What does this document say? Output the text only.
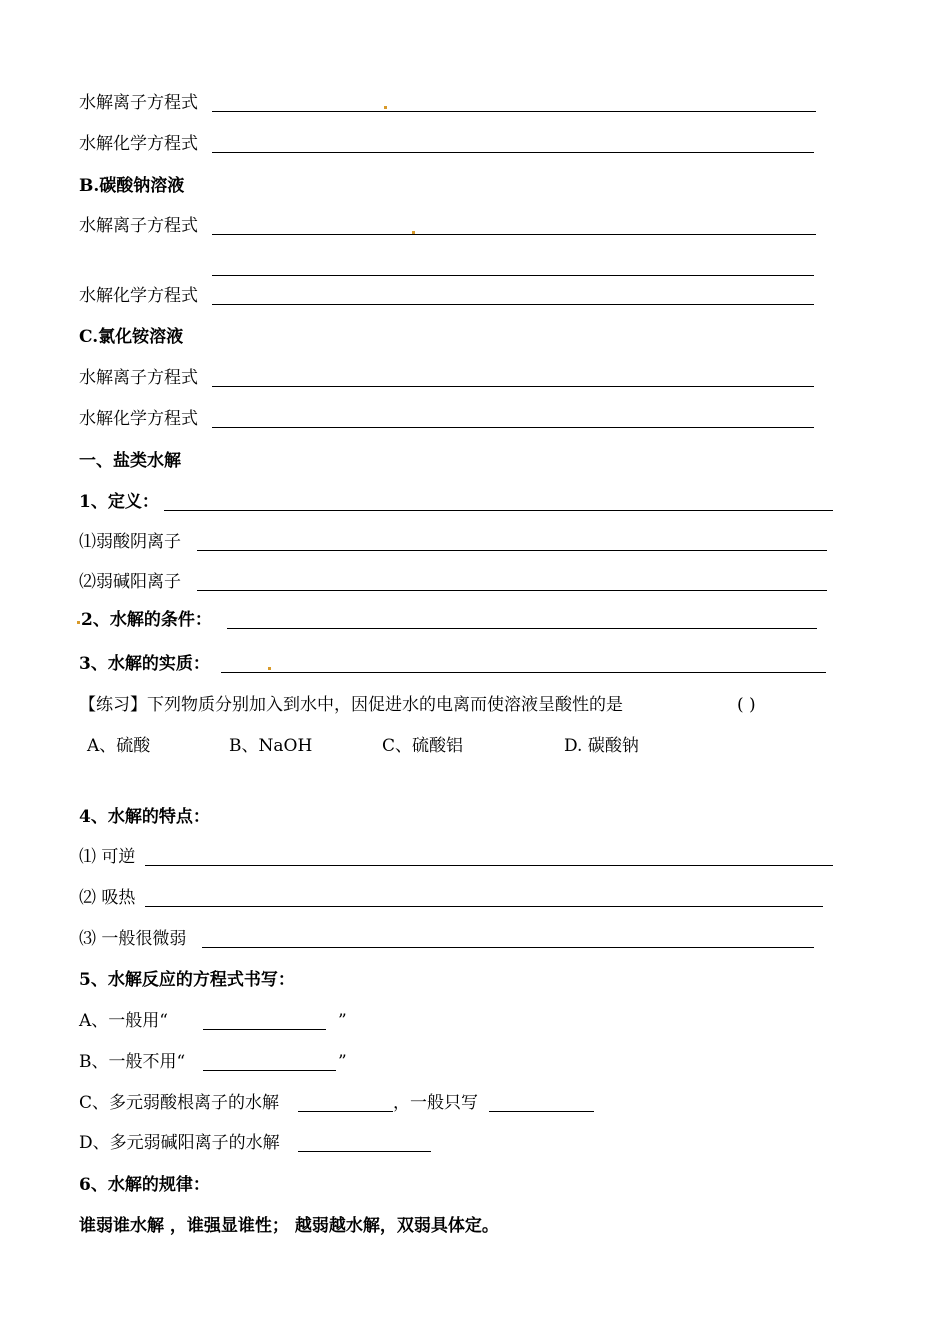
水解离子方程式
水解化学方程式
B.碳酸钠溶液
水解离子方程式
水解化学方程式
C.氯化铵溶液
水解离子方程式
水解化学方程式
一、盐类水解
1、定义：
⑴弱酸阴离子
⑵弱碱阳离子
2、水解的条件：
3、水解的实质：
【练习】下列物质分别加入到水中，因促进水的电离而使溶液呈酸性的是	( )
A、硫酸	B、NaOH	C、硫酸铝	D. 碳酸钠
4、水解的特点：
⑴ 可逆
⑵ 吸热
⑶ 一般很微弱
5、水解反应的方程式书写：
A、一般用“	”
B、一般不用“	”
C、多元弱酸根离子的水解	，一般只写
D、多元弱碱阳离子的水解
6、水解的规律：
谁弱谁水解 ，谁强显谁性； 越弱越水解，双弱具体定。
